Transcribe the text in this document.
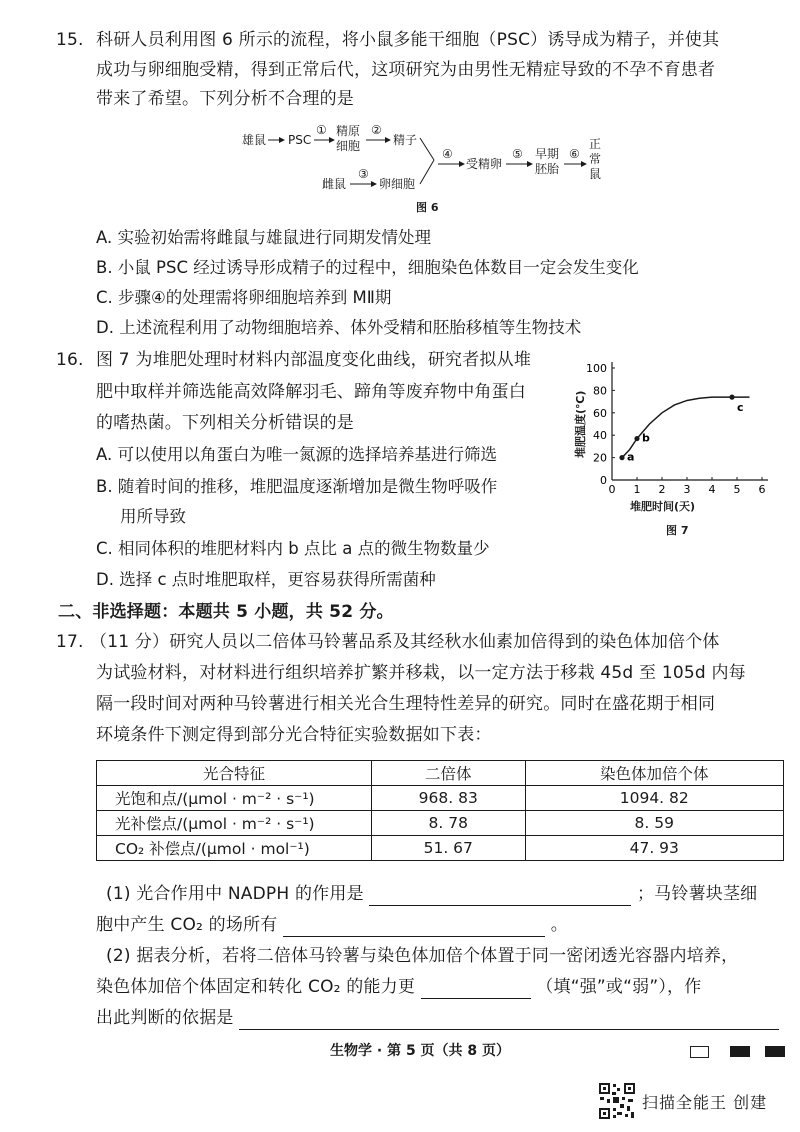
15. 科研人员利用图 6 所示的流程，将小鼠多能干细胞（PSC）诱导成为精子，并使其
成功与卵细胞受精，得到正常后代，这项研究为由男性无精症导致的不孕不育患者
带来了希望。下列分析不合理的是
雄鼠 PSC
① 精原
细胞
②
精子
雌鼠
③
卵细胞
④
受精卵
⑤ 早期
胚胎
⑥
正
常
鼠
图 6
A. 实验初始需将雌鼠与雄鼠进行同期发情处理
B. 小鼠 PSC 经过诱导形成精子的过程中，细胞染色体数目一定会发生变化
C. 步骤④的处理需将卵细胞培养到 MⅡ期
D. 上述流程利用了动物细胞培养、体外受精和胚胎移植等生物技术
16. 图 7 为堆肥处理时材料内部温度变化曲线，研究者拟从堆
肥中取样并筛选能高效降解羽毛、蹄角等废弃物中角蛋白
的嗜热菌。下列相关分析错误的是
A. 可以使用以角蛋白为唯一氮源的选择培养基进行筛选
B. 随着时间的推移，堆肥温度逐渐增加是微生物呼吸作
用所导致
C. 相同体积的堆肥材料内 b 点比 a 点的微生物数量少
D. 选择 c 点时堆肥取样，更容易获得所需菌种
堆肥温度(℃)
堆肥时间(天)
图 7
0 1 2 3 4 5 6
0
20
40
60
80
100
a
b
c
二、非选择题：本题共 5 小题，共 52 分。
17. （11 分）研究人员以二倍体马铃薯品系及其经秋水仙素加倍得到的染色体加倍个体
为试验材料，对材料进行组织培养扩繁并移栽，以一定方法于移栽 45d 至 105d 内每
隔一段时间对两种马铃薯进行相关光合生理特性差异的研究。同时在盛花期于相同
环境条件下测定得到部分光合特征实验数据如下表：
光合特征	二倍体	染色体加倍个体
光饱和点/(μmol · m⁻² · s⁻¹)	968. 83	1094. 82
光补偿点/(μmol · m⁻² · s⁻¹)	8. 78	8. 59
CO₂ 补偿点/(μmol · mol⁻¹)	51. 67	47. 93
(1) 光合作用中 NADPH 的作用是	；马铃薯块茎细
胞中产生 CO₂ 的场所有	。
(2) 据表分析，若将二倍体马铃薯与染色体加倍个体置于同一密闭透光容器内培养，
染色体加倍个体固定和转化 CO₂ 的能力更	（填“强”或“弱”），作
出此判断的依据是
生物学 · 第 5 页（共 8 页）
扫描全能王 创建
